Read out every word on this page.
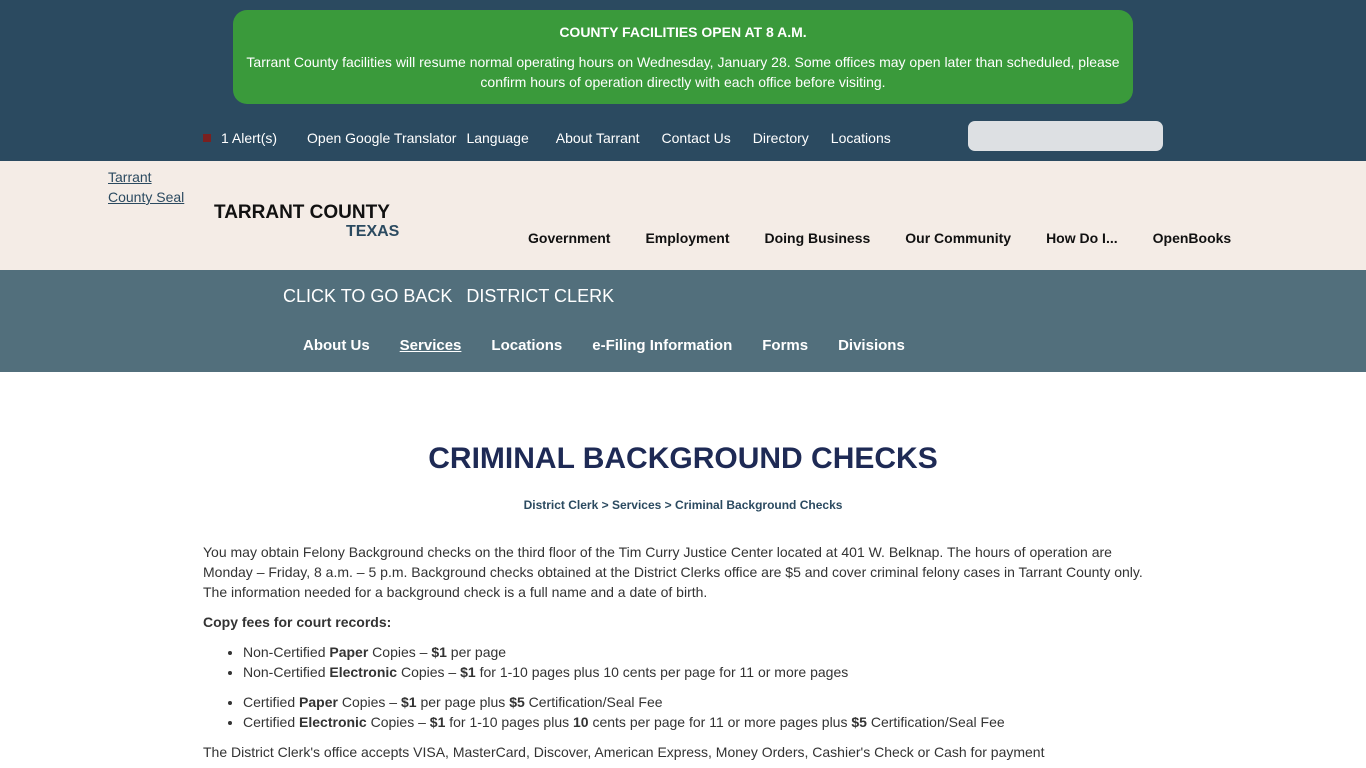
COUNTY FACILITIES OPEN AT 8 A.M.

Tarrant County facilities will resume normal operating hours on Wednesday, January 28. Some offices may open later than scheduled, please confirm hours of operation directly with each office before visiting.

1 Alert(s) Open Google Translator Language About Tarrant Contact Us Directory Locations
Tarrant County Seal
TARRANT COUNTY
TEXAS	Government	Employment	Doing Business	Our Community	How Do I...	OpenBooks
CLICK TO GO BACK DISTRICT CLERK
About Us Services Locations e-Filing Information Forms Divisions
CRIMINAL BACKGROUND CHECKS
District Clerk > Services > Criminal Background Checks

You may obtain Felony Background checks on the third floor of the Tim Curry Justice Center located at 401 W. Belknap. The hours of operation are Monday – Friday, 8 a.m. – 5 p.m. Background checks obtained at the District Clerks office are $5 and cover criminal felony cases in Tarrant County only. The information needed for a background check is a full name and a date of birth.

Copy fees for court records:

• Non-Certified Paper Copies – $1 per page
• Non-Certified Electronic Copies – $1 for 1-10 pages plus 10 cents per page for 11 or more pages
• Certified Paper Copies – $1 per page plus $5 Certification/Seal Fee
• Certified Electronic Copies – $1 for 1-10 pages plus 10 cents per page for 11 or more pages plus $5 Certification/Seal Fee

The District Clerk's office accepts VISA, MasterCard, Discover, American Express, Money Orders, Cashier's Check or Cash for payment
